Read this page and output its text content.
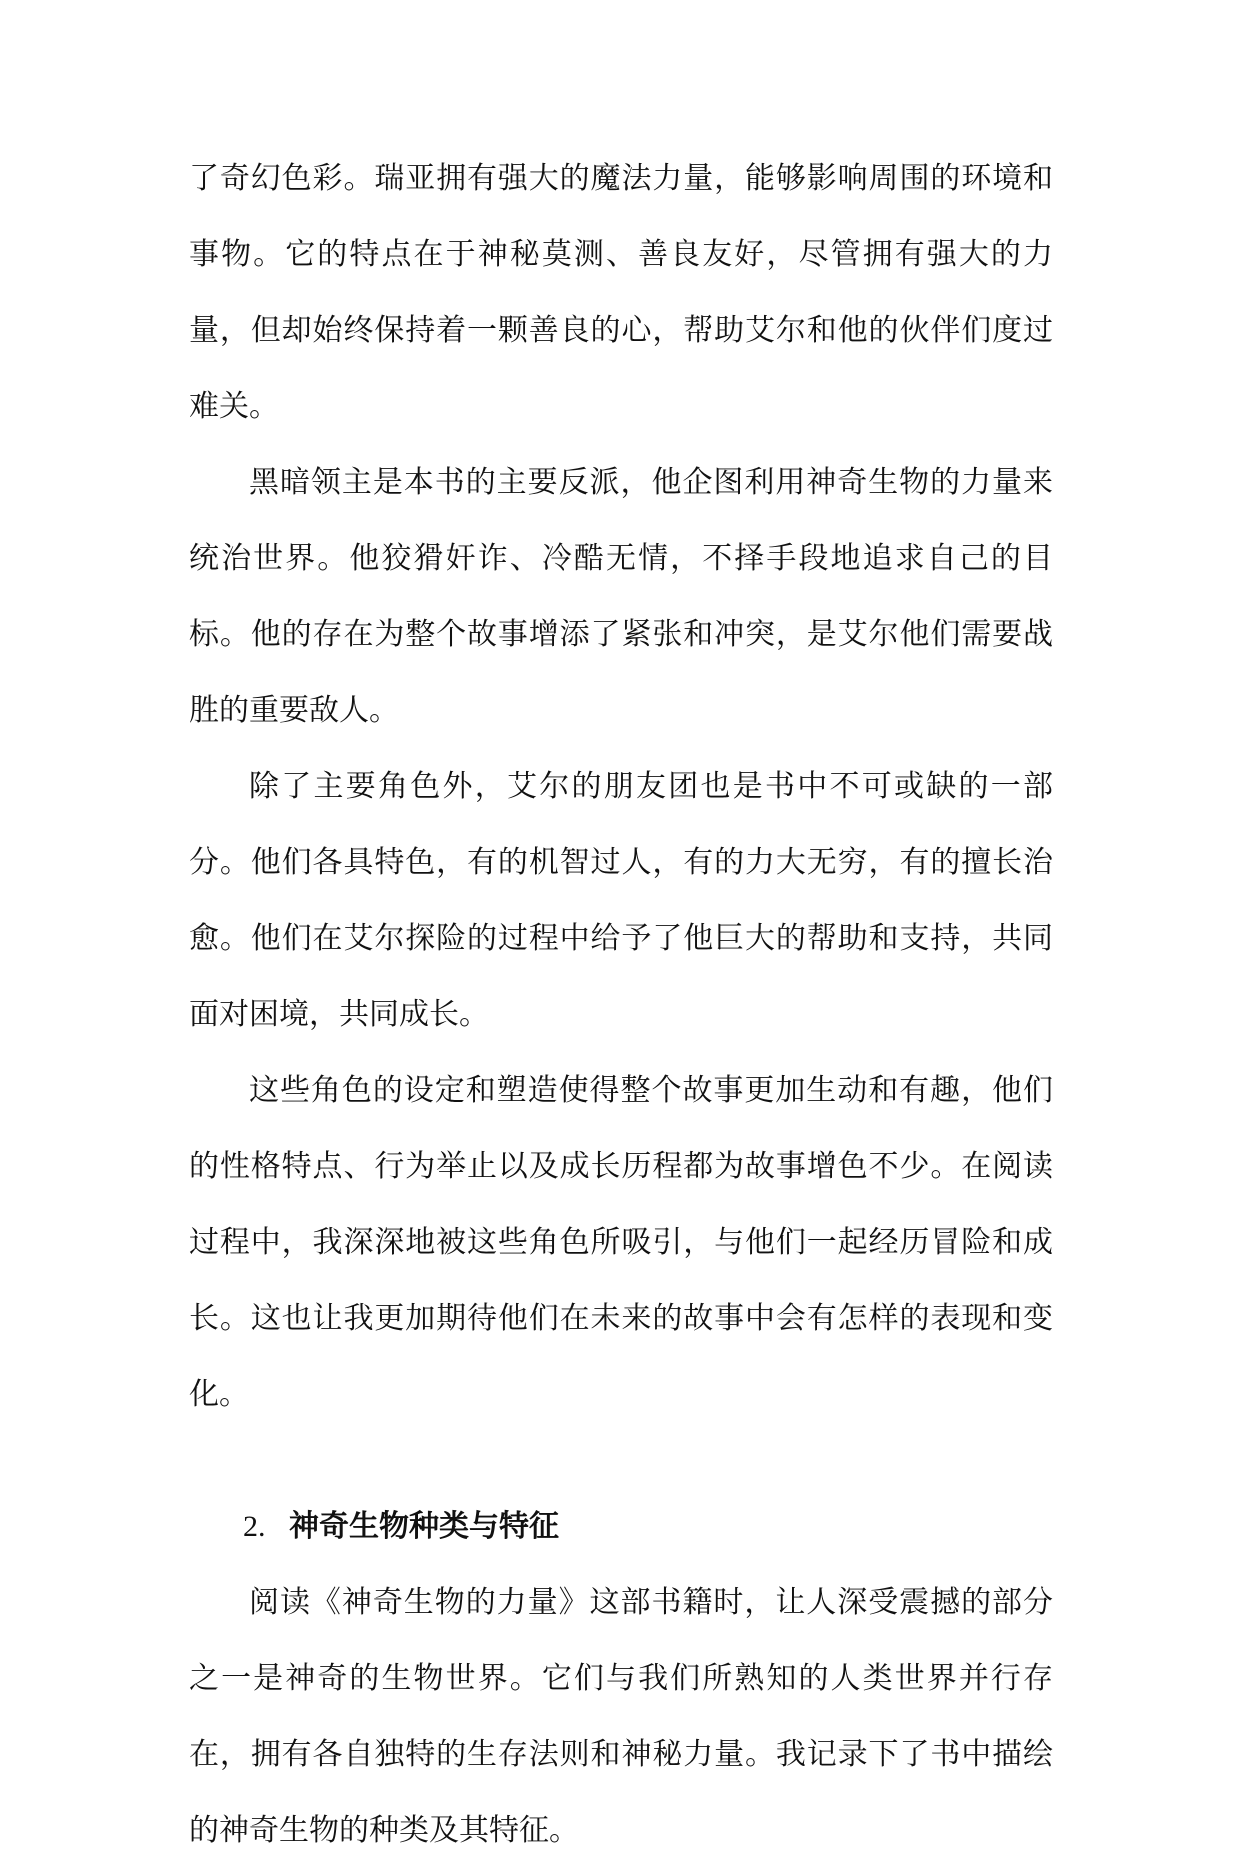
了奇幻色彩。瑞亚拥有强大的魔法力量，能够影响周围的环境和事物。它的特点在于神秘莫测、善良友好，尽管拥有强大的力量，但却始终保持着一颗善良的心，帮助艾尔和他的伙伴们度过难关。

黑暗领主是本书的主要反派，他企图利用神奇生物的力量来统治世界。他狡猾奸诈、冷酷无情，不择手段地追求自己的目标。他的存在为整个故事增添了紧张和冲突，是艾尔他们需要战胜的重要敌人。

除了主要角色外，艾尔的朋友团也是书中不可或缺的一部分。他们各具特色，有的机智过人，有的力大无穷，有的擅长治愈。他们在艾尔探险的过程中给予了他巨大的帮助和支持，共同面对困境，共同成长。

这些角色的设定和塑造使得整个故事更加生动和有趣，他们的性格特点、行为举止以及成长历程都为故事增色不少。在阅读过程中，我深深地被这些角色所吸引，与他们一起经历冒险和成长。这也让我更加期待他们在未来的故事中会有怎样的表现和变化。

2. 神奇生物种类与特征

阅读《神奇生物的力量》这部书籍时，让人深受震撼的部分之一是神奇的生物世界。它们与我们所熟知的人类世界并行存在，拥有各自独特的生存法则和神秘力量。我记录下了书中描绘的神奇生物的种类及其特征。
